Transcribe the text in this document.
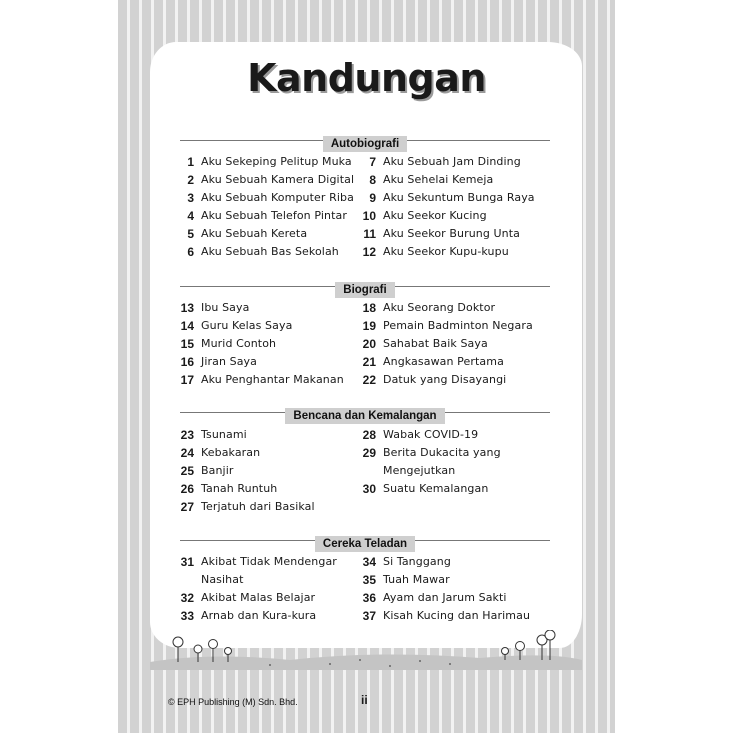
Kandungan
Autobiografi
1 Aku Sekeping Pelitup Muka
2 Aku Sebuah Kamera Digital
3 Aku Sebuah Komputer Riba
4 Aku Sebuah Telefon Pintar
5 Aku Sebuah Kereta
6 Aku Sebuah Bas Sekolah
7 Aku Sebuah Jam Dinding
8 Aku Sehelai Kemeja
9 Aku Sekuntum Bunga Raya
10 Aku Seekor Kucing
11 Aku Seekor Burung Unta
12 Aku Seekor Kupu-kupu
Biografi
13 Ibu Saya
14 Guru Kelas Saya
15 Murid Contoh
16 Jiran Saya
17 Aku Penghantar Makanan
18 Aku Seorang Doktor
19 Pemain Badminton Negara
20 Sahabat Baik Saya
21 Angkasawan Pertama
22 Datuk yang Disayangi
Bencana dan Kemalangan
23 Tsunami
24 Kebakaran
25 Banjir
26 Tanah Runtuh
27 Terjatuh dari Basikal
28 Wabak COVID-19
29 Berita Dukacita yang
Mengejutkan
30 Suatu Kemalangan
Cereka Teladan
31 Akibat Tidak Mendengar
Nasihat
32 Akibat Malas Belajar
33 Arnab dan Kura-kura
34 Si Tanggang
35 Tuah Mawar
36 Ayam dan Jarum Sakti
37 Kisah Kucing dan Harimau
© EPH Publishing (M) Sdn. Bhd.	ii
